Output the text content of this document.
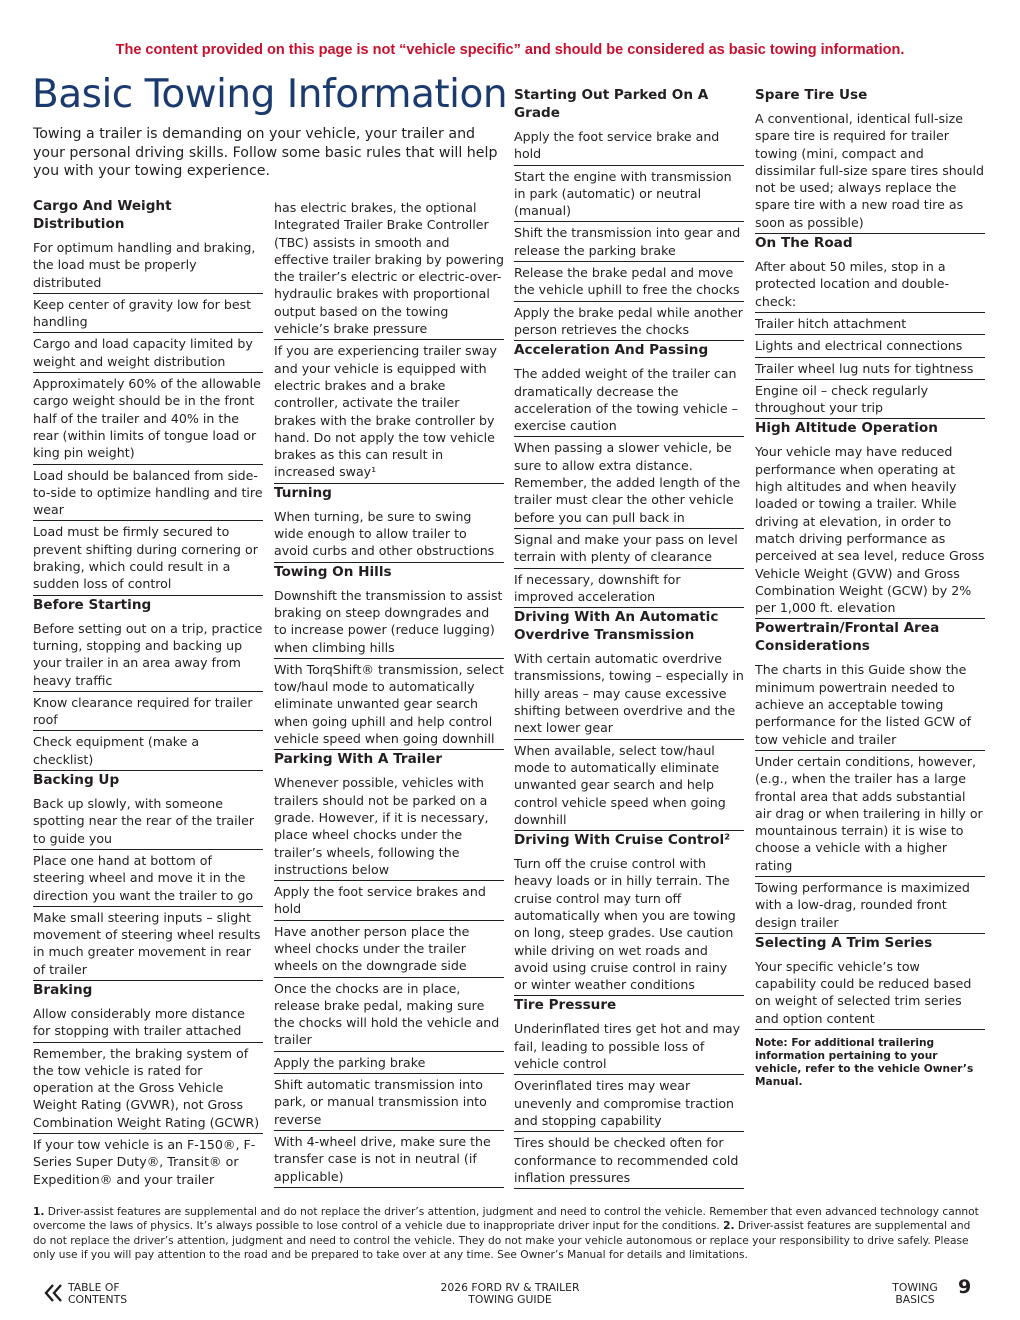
The content provided on this page is not “vehicle specific” and should be considered as basic towing information.
Basic Towing Information

Towing a trailer is demanding on your vehicle, your trailer and your personal driving skills. Follow some basic rules that will help you with your towing experience.

Cargo And Weight Distribution
For optimum handling and braking, the load must be properly distributed
Keep center of gravity low for best handling
Cargo and load capacity limited by weight and weight distribution
Approximately 60% of the allowable cargo weight should be in the front half of the trailer and 40% in the rear (within limits of tongue load or king pin weight)
Load should be balanced from side-to-side to optimize handling and tire wear
Load must be firmly secured to prevent shifting during cornering or braking, which could result in a sudden loss of control
Before Starting
Before setting out on a trip, practice turning, stopping and backing up your trailer in an area away from heavy traffic
Know clearance required for trailer roof
Check equipment (make a checklist)
Backing Up
Back up slowly, with someone spotting near the rear of the trailer to guide you
Place one hand at bottom of steering wheel and move it in the direction you want the trailer to go
Make small steering inputs – slight movement of steering wheel results in much greater movement in rear of trailer
Braking
Allow considerably more distance for stopping with trailer attached
Remember, the braking system of the tow vehicle is rated for operation at the Gross Vehicle Weight Rating (GVWR), not Gross Combination Weight Rating (GCWR)
If your tow vehicle is an F-150®, F-Series Super Duty®, Transit® or Expedition® and your trailer
has electric brakes, the optional Integrated Trailer Brake Controller (TBC) assists in smooth and effective trailer braking by powering the trailer’s electric or electric-over-hydraulic brakes with proportional output based on the towing vehicle’s brake pressure
If you are experiencing trailer sway and your vehicle is equipped with electric brakes and a brake controller, activate the trailer brakes with the brake controller by hand. Do not apply the tow vehicle brakes as this can result in increased sway¹
Turning
When turning, be sure to swing wide enough to allow trailer to avoid curbs and other obstructions
Towing On Hills
Downshift the transmission to assist braking on steep downgrades and to increase power (reduce lugging) when climbing hills
With TorqShift® transmission, select tow/haul mode to automatically eliminate unwanted gear search when going uphill and help control vehicle speed when going downhill
Parking With A Trailer
Whenever possible, vehicles with trailers should not be parked on a grade. However, if it is necessary, place wheel chocks under the trailer’s wheels, following the instructions below
Apply the foot service brakes and hold
Have another person place the wheel chocks under the trailer wheels on the downgrade side
Once the chocks are in place, release brake pedal, making sure the chocks will hold the vehicle and trailer
Apply the parking brake
Shift automatic transmission into park, or manual transmission into reverse
With 4-wheel drive, make sure the transfer case is not in neutral (if applicable)
Starting Out Parked On A Grade
Apply the foot service brake and hold
Start the engine with transmission in park (automatic) or neutral (manual)
Shift the transmission into gear and release the parking brake
Release the brake pedal and move the vehicle uphill to free the chocks
Apply the brake pedal while another person retrieves the chocks
Acceleration And Passing
The added weight of the trailer can dramatically decrease the acceleration of the towing vehicle – exercise caution
When passing a slower vehicle, be sure to allow extra distance. Remember, the added length of the trailer must clear the other vehicle before you can pull back in
Signal and make your pass on level terrain with plenty of clearance
If necessary, downshift for improved acceleration
Driving With An Automatic Overdrive Transmission
With certain automatic overdrive transmissions, towing – especially in hilly areas – may cause excessive shifting between overdrive and the next lower gear
When available, select tow/haul mode to automatically eliminate unwanted gear search and help control vehicle speed when going downhill
Driving With Cruise Control²
Turn off the cruise control with heavy loads or in hilly terrain. The cruise control may turn off automatically when you are towing on long, steep grades. Use caution while driving on wet roads and avoid using cruise control in rainy or winter weather conditions
Tire Pressure
Underinflated tires get hot and may fail, leading to possible loss of vehicle control
Overinflated tires may wear unevenly and compromise traction and stopping capability
Tires should be checked often for conformance to recommended cold inflation pressures
Spare Tire Use
A conventional, identical full-size spare tire is required for trailer towing (mini, compact and dissimilar full-size spare tires should not be used; always replace the spare tire with a new road tire as soon as possible)
On The Road
After about 50 miles, stop in a protected location and double-check:
Trailer hitch attachment
Lights and electrical connections
Trailer wheel lug nuts for tightness
Engine oil – check regularly throughout your trip
High Altitude Operation
Your vehicle may have reduced performance when operating at high altitudes and when heavily loaded or towing a trailer. While driving at elevation, in order to match driving performance as perceived at sea level, reduce Gross Vehicle Weight (GVW) and Gross Combination Weight (GCW) by 2% per 1,000 ft. elevation
Powertrain/Frontal Area Considerations
The charts in this Guide show the minimum powertrain needed to achieve an acceptable towing performance for the listed GCW of tow vehicle and trailer
Under certain conditions, however, (e.g., when the trailer has a large frontal area that adds substantial air drag or when trailering in hilly or mountainous terrain) it is wise to choose a vehicle with a higher rating
Towing performance is maximized with a low-drag, rounded front design trailer
Selecting A Trim Series
Your specific vehicle’s tow capability could be reduced based on weight of selected trim series and option content
Note: For additional trailering information pertaining to your vehicle, refer to the vehicle Owner’s Manual.
1. Driver-assist features are supplemental and do not replace the driver’s attention, judgment and need to control the vehicle. Remember that even advanced technology cannot overcome the laws of physics. It’s always possible to lose control of a vehicle due to inappropriate driver input for the conditions. 2. Driver-assist features are supplemental and do not replace the driver’s attention, judgment and need to control the vehicle. They do not make your vehicle autonomous or replace your responsibility to drive safely. Please only use if you will pay attention to the road and be prepared to take over at any time. See Owner’s Manual for details and limitations.
TABLE OF
CONTENTS
2026 FORD RV & TRAILER
TOWING GUIDE
TOWING
BASICS
9
